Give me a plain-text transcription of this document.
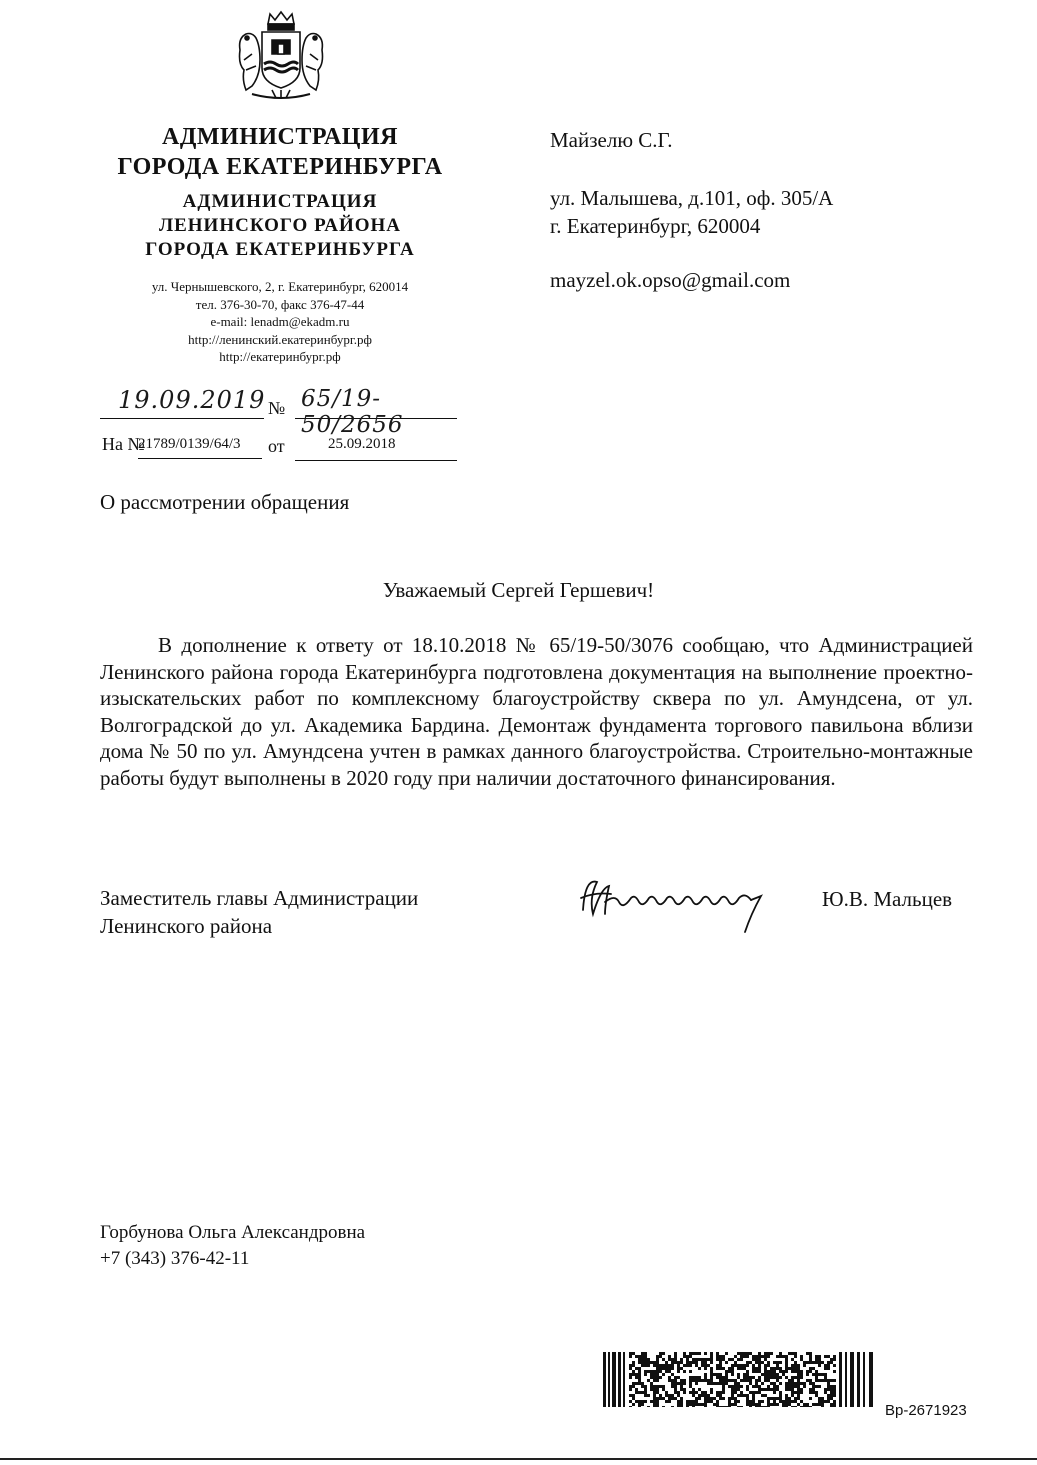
АДМИНИСТРАЦИЯ
ГОРОДА ЕКАТЕРИНБУРГА
АДМИНИСТРАЦИЯ
ЛЕНИНСКОГО РАЙОНА
ГОРОДА ЕКАТЕРИНБУРГА
ул. Чернышевского, 2, г. Екатеринбург, 620014
тел. 376-30-70, факс 376-47-44
e-mail: lenadm@ekadm.ru
http://ленинский.екатеринбург.рф
http://екатеринбург.рф
Майзелю С.Г.
ул. Малышева, д.101, оф. 305/А
г. Екатеринбург, 620004
mayzel.ok.opso@gmail.com
19.09.2019 № 65/19-50/2656
На №
21789/0139/64/3 от	25.09.2018
О рассмотрении обращения
Уважаемый Сергей Гершевич!
В дополнение к ответу от 18.10.2018 № 65/19-50/3076 сообщаю, что Администрацией Ленинского района города Екатеринбурга подготовлена документация на выполнение проектно-изыскательских работ по комплексному благоустройству сквера по ул. Амундсена, от ул. Волгоградской до ул. Академика Бардина. Демонтаж фундамента торгового павильона вблизи дома № 50 по ул. Амундсена учтен в рамках данного благоустройства. Строительно-монтажные работы будут выполнены в 2020 году при наличии достаточного финансирования.
Заместитель главы Администрации
Ленинского района
Ю.В. Мальцев
Горбунова Ольга Александровна
+7 (343) 376-42-11
Вр-2671923
